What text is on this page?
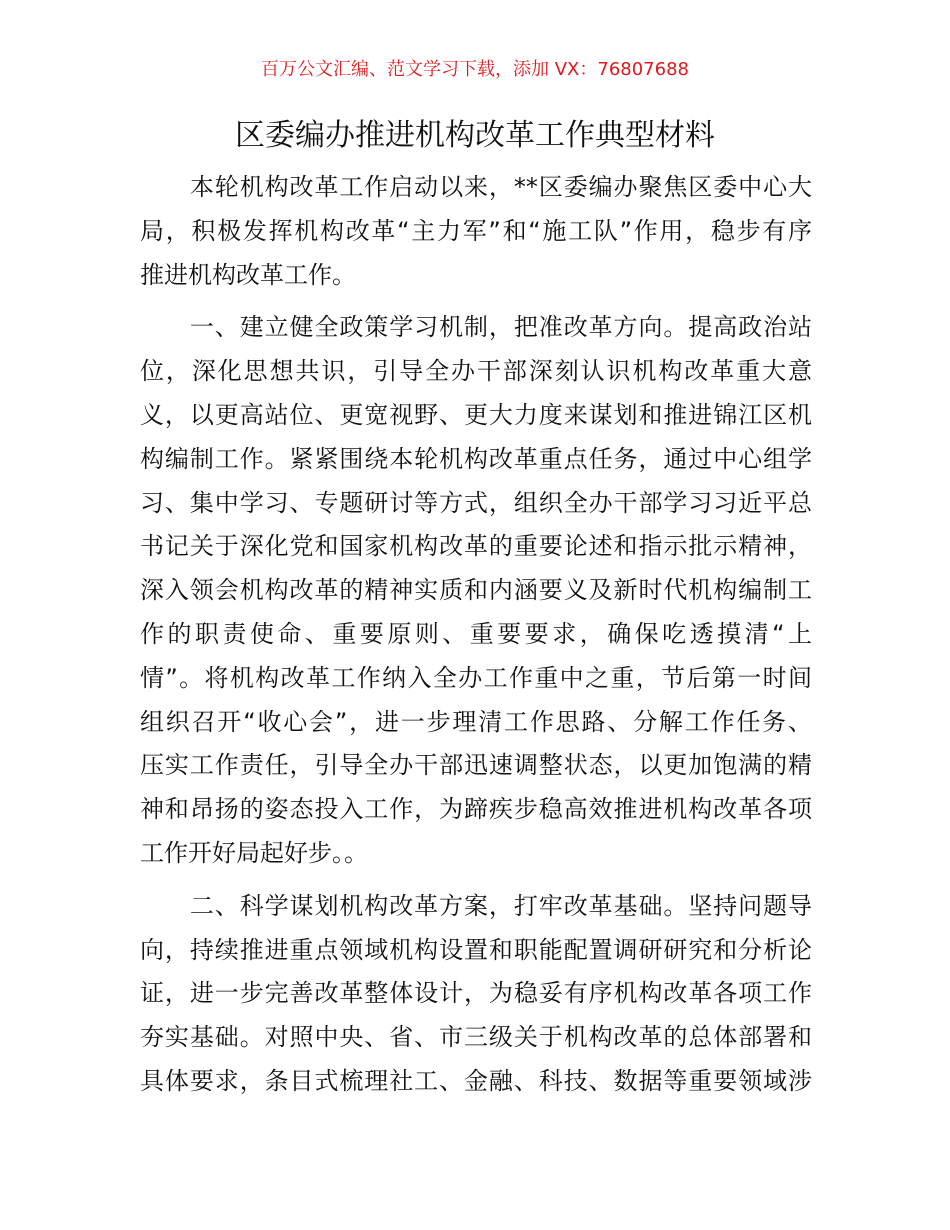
百万公文汇编、范文学习下载，添加 VX：76807688
区委编办推进机构改革工作典型材料
　　本轮机构改革工作启动以来，**区委编办聚焦区委中心大
局，积极发挥机构改革“主力军”和“施工队”作用，稳步有序
推进机构改革工作。
　　一、建立健全政策学习机制，把准改革方向。提高政治站
位，深化思想共识，引导全办干部深刻认识机构改革重大意
义，以更高站位、更宽视野、更大力度来谋划和推进锦江区机
构编制工作。紧紧围绕本轮机构改革重点任务，通过中心组学
习、集中学习、专题研讨等方式，组织全办干部学习习近平总
书记关于深化党和国家机构改革的重要论述和指示批示精神，
深入领会机构改革的精神实质和内涵要义及新时代机构编制工
作的职责使命、重要原则、重要要求，确保吃透摸清“上
情”。将机构改革工作纳入全办工作重中之重，节后第一时间
组织召开“收心会”，进一步理清工作思路、分解工作任务、
压实工作责任，引导全办干部迅速调整状态，以更加饱满的精
神和昂扬的姿态投入工作，为蹄疾步稳高效推进机构改革各项
工作开好局起好步。。
　　二、科学谋划机构改革方案，打牢改革基础。坚持问题导
向，持续推进重点领域机构设置和职能配置调研研究和分析论
证，进一步完善改革整体设计，为稳妥有序机构改革各项工作
夯实基础。对照中央、省、市三级关于机构改革的总体部署和
具体要求，条目式梳理社工、金融、科技、数据等重要领域涉
